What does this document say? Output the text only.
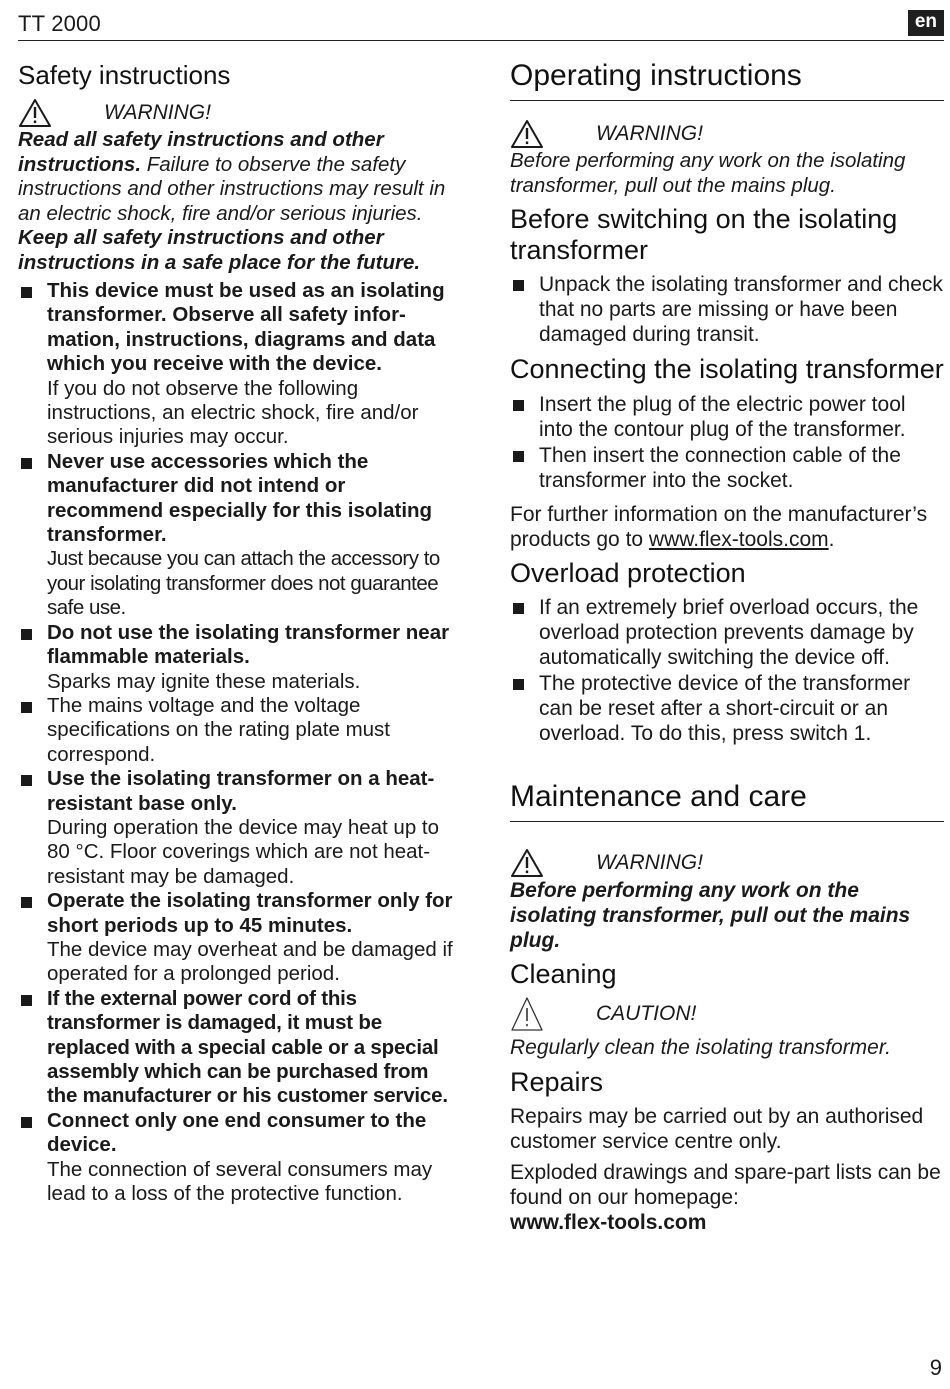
TT 2000	en
Safety instructions
WARNING!

Read all safety instructions and other instructions. Failure to observe the safety instructions and other instructions may result in an electric shock, fire and/or serious injuries.

Keep all safety instructions and other instructions in a safe place for the future.

This device must be used as an isolating transformer. Observe all safety infor-mation, instructions, diagrams and data which you receive with the device.
If you do not observe the following instructions, an electric shock, fire and/or serious injuries may occur.
Never use accessories which the manufacturer did not intend or recommend especially for this isolating transformer.
Just because you can attach the accessory to your isolating transformer does not guarantee safe use.
Do not use the isolating transformer near flammable materials.
Sparks may ignite these materials.
The mains voltage and the voltage specifications on the rating plate must correspond.
Use the isolating transformer on a heat-resistant base only.
During operation the device may heat up to 80 °C. Floor coverings which are not heat-resistant may be damaged.
Operate the isolating transformer only for short periods up to 45 minutes.
The device may overheat and be damaged if operated for a prolonged period.
If the external power cord of this transformer is damaged, it must be replaced with a special cable or a special assembly which can be purchased from the manufacturer or his customer service.
Connect only one end consumer to the device.
The connection of several consumers may lead to a loss of the protective function.
Operating instructions
WARNING!

Before performing any work on the isolating transformer, pull out the mains plug.

Before switching on the isolating transformer
Unpack the isolating transformer and check that no parts are missing or have been damaged during transit.
Connecting the isolating transformer
Insert the plug of the electric power tool into the contour plug of the transformer.
Then insert the connection cable of the transformer into the socket.

For further information on the manufacturer’s products go to www.flex-tools.com.

Overload protection
If an extremely brief overload occurs, the overload protection prevents damage by automatically switching the device off.
The protective device of the transformer can be reset after a short-circuit or an overload. To do this, press switch 1.
Maintenance and care
WARNING!

Before performing any work on the isolating transformer, pull out the mains plug.

Cleaning
CAUTION!

Regularly clean the isolating transformer.

Repairs

Repairs may be carried out by an authorised customer service centre only.

Exploded drawings and spare-part lists can be found on our homepage:

www.flex-tools.com

9
